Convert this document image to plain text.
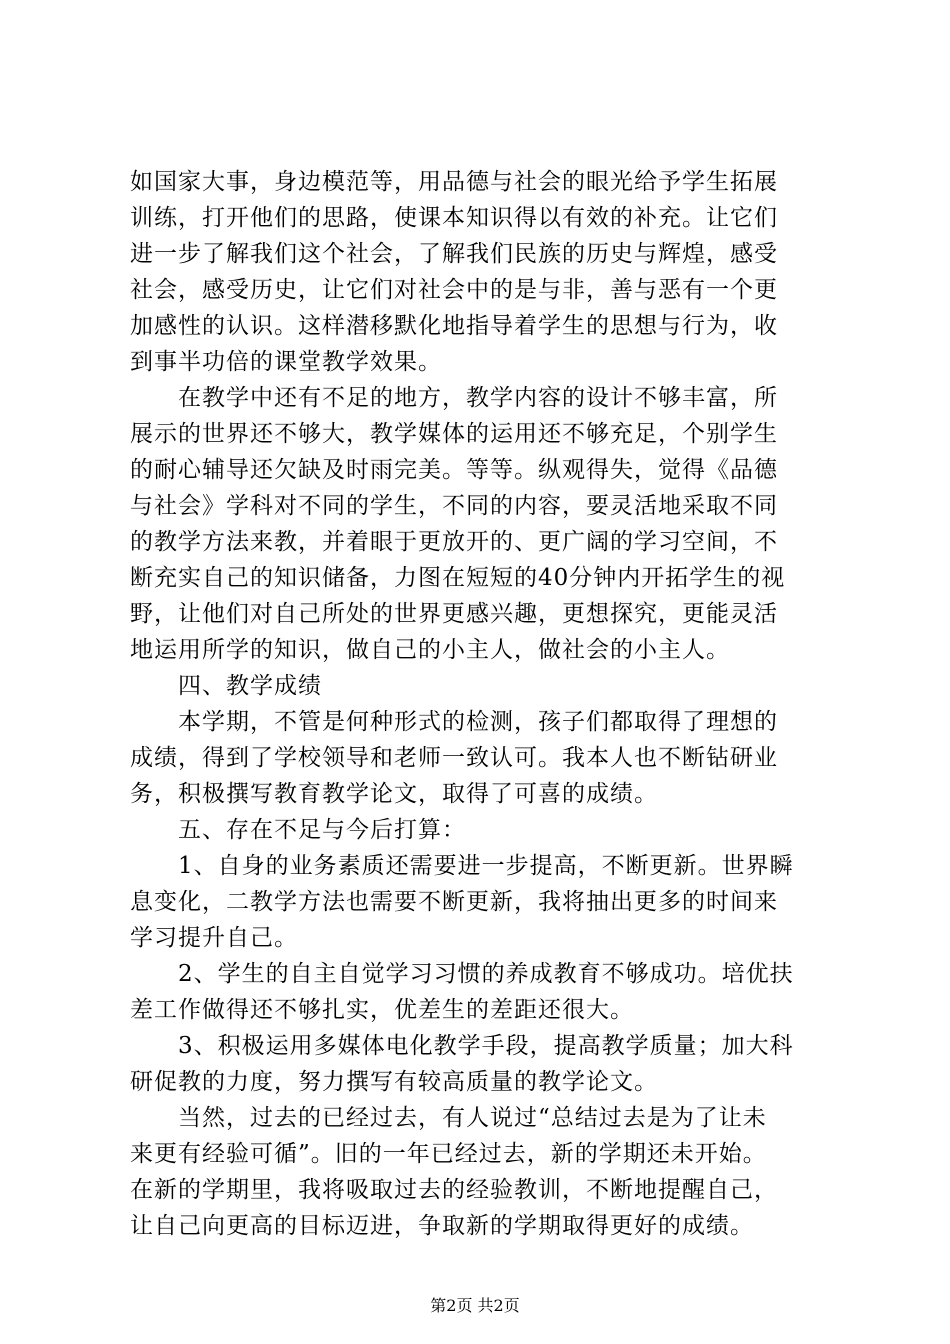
如国家大事，身边模范等，用品德与社会的眼光给予学生拓展
训练，打开他们的思路，使课本知识得以有效的补充。让它们
进一步了解我们这个社会，了解我们民族的历史与辉煌，感受
社会，感受历史，让它们对社会中的是与非，善与恶有一个更
加感性的认识。这样潜移默化地指导着学生的思想与行为，收
到事半功倍的课堂教学效果。
　　在教学中还有不足的地方，教学内容的设计不够丰富，所
展示的世界还不够大，教学媒体的运用还不够充足，个别学生
的耐心辅导还欠缺及时雨完美。等等。纵观得失，觉得《品德
与社会》学科对不同的学生，不同的内容，要灵活地采取不同
的教学方法来教，并着眼于更放开的、更广阔的学习空间，不
断充实自己的知识储备，力图在短短的40分钟内开拓学生的视
野，让他们对自己所处的世界更感兴趣，更想探究，更能灵活
地运用所学的知识，做自己的小主人，做社会的小主人。
　　四、教学成绩
　　本学期，不管是何种形式的检测，孩子们都取得了理想的
成绩，得到了学校领导和老师一致认可。我本人也不断钻研业
务，积极撰写教育教学论文，取得了可喜的成绩。
　　五、存在不足与今后打算：
　　1、自身的业务素质还需要进一步提高，不断更新。世界瞬
息变化，二教学方法也需要不断更新，我将抽出更多的时间来
学习提升自己。
　　2、学生的自主自觉学习习惯的养成教育不够成功。培优扶
差工作做得还不够扎实，优差生的差距还很大。
　　3、积极运用多媒体电化教学手段，提高教学质量；加大科
研促教的力度，努力撰写有较高质量的教学论文。
　　当然，过去的已经过去，有人说过“总结过去是为了让未
来更有经验可循”。旧的一年已经过去，新的学期还未开始。
在新的学期里，我将吸取过去的经验教训，不断地提醒自己，
让自己向更高的目标迈进，争取新的学期取得更好的成绩。
第2页 共2页
